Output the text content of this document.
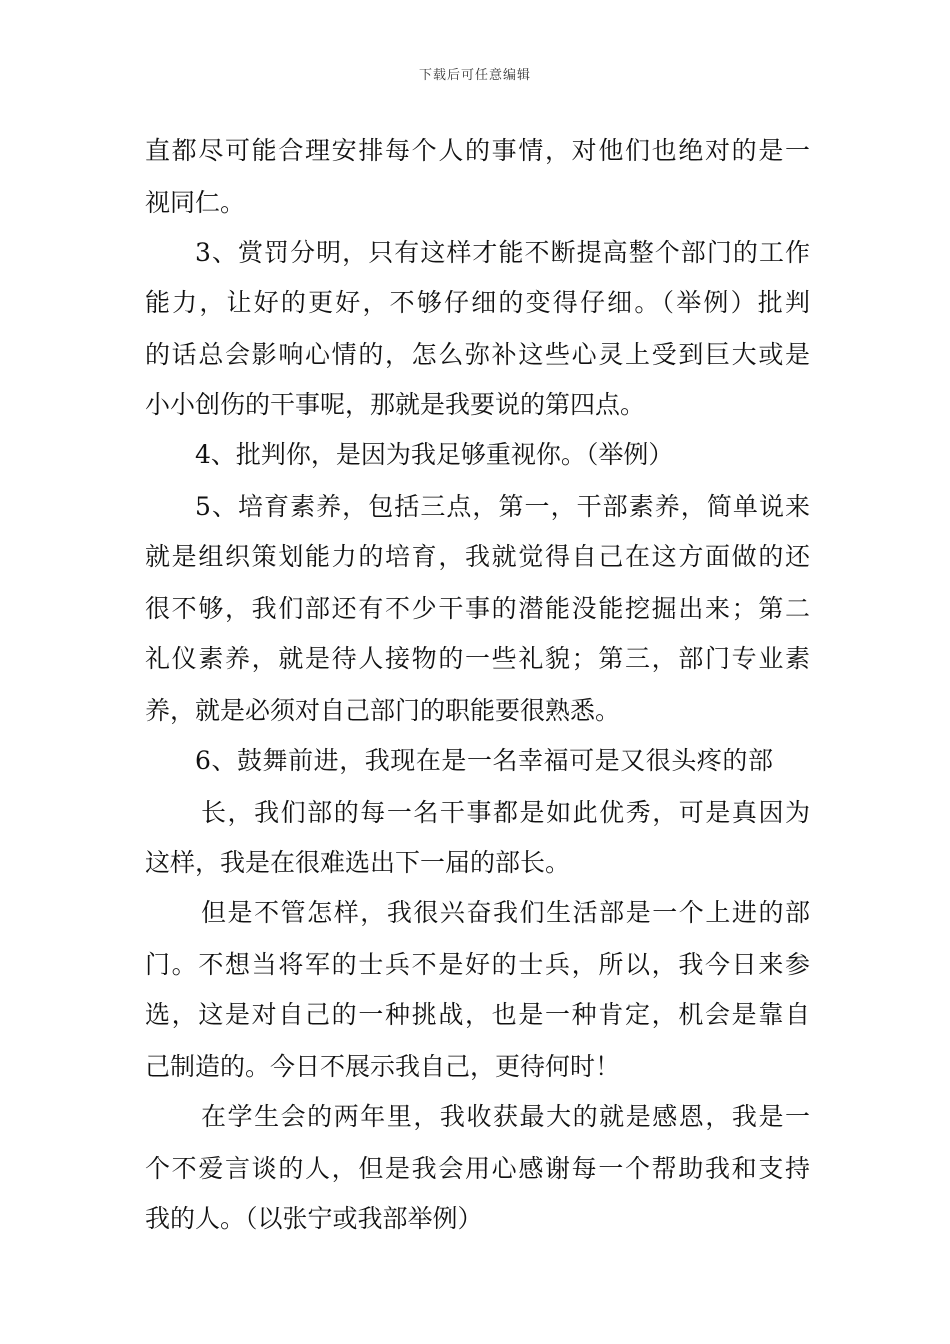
下载后可任意编辑
直都尽可能合理安排每个人的事情，对他们也绝对的是一
视同仁。
3、赏罚分明，只有这样才能不断提高整个部门的工作
能力，让好的更好，不够仔细的变得仔细。（举例）批判
的话总会影响心情的，怎么弥补这些心灵上受到巨大或是
小小创伤的干事呢，那就是我要说的第四点。
4、批判你，是因为我足够重视你。（举例）
5、培育素养，包括三点，第一，干部素养，简单说来
就是组织策划能力的培育，我就觉得自己在这方面做的还
很不够，我们部还有不少干事的潜能没能挖掘出来；第二
礼仪素养，就是待人接物的一些礼貌；第三，部门专业素
养，就是必须对自己部门的职能要很熟悉。
6、鼓舞前进，我现在是一名幸福可是又很头疼的部
长，我们部的每一名干事都是如此优秀，可是真因为
这样，我是在很难选出下一届的部长。
但是不管怎样，我很兴奋我们生活部是一个上进的部
门。不想当将军的士兵不是好的士兵，所以，我今日来参
选，这是对自己的一种挑战，也是一种肯定，机会是靠自
己制造的。今日不展示我自己，更待何时！
在学生会的两年里，我收获最大的就是感恩，我是一
个不爱言谈的人，但是我会用心感谢每一个帮助我和支持
我的人。（以张宁或我部举例）
